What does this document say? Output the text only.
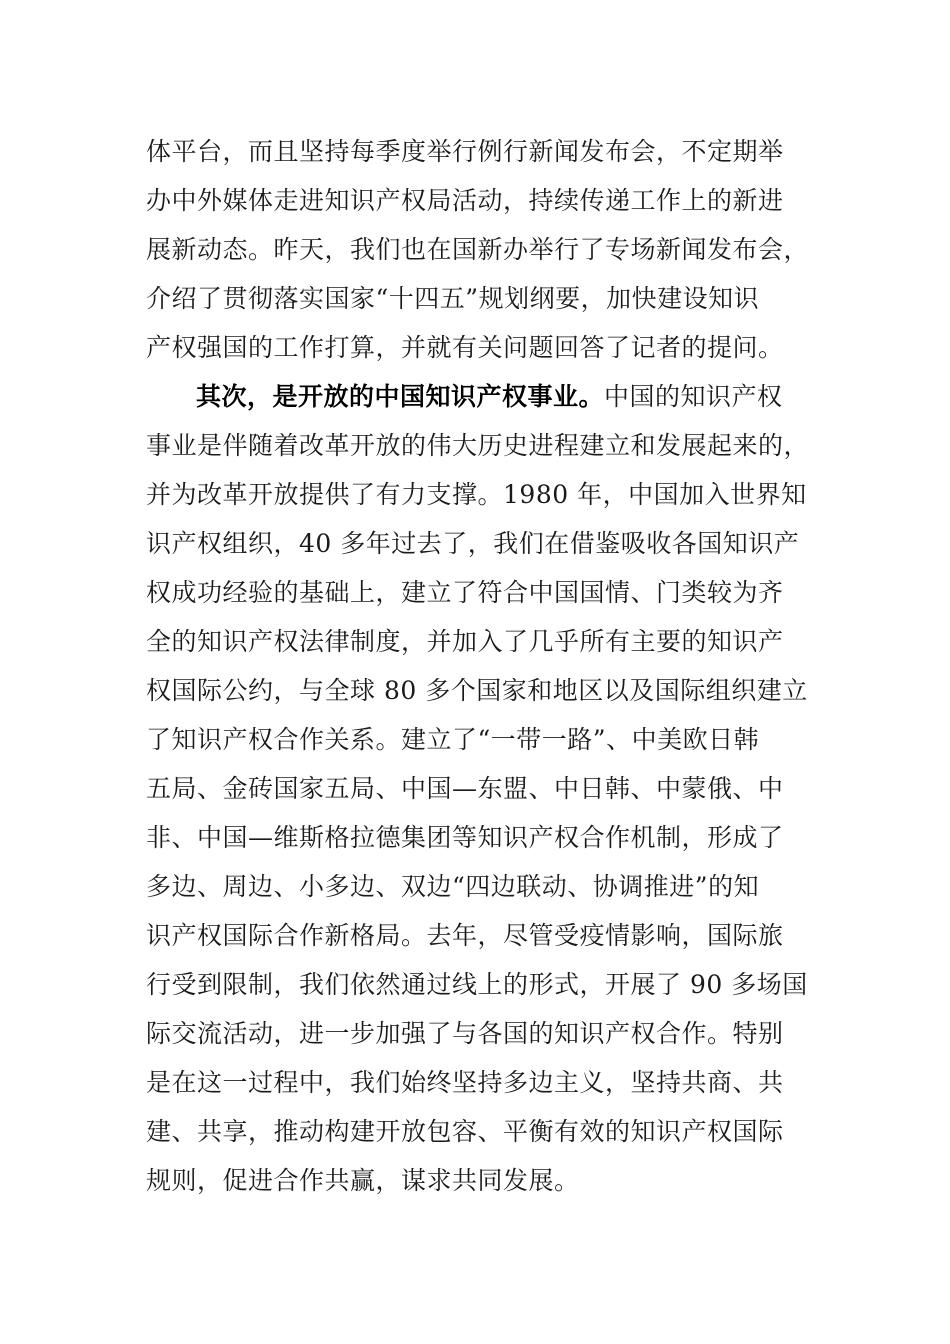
体平台，而且坚持每季度举行例行新闻发布会，不定期举
办中外媒体走进知识产权局活动，持续传递工作上的新进
展新动态。昨天，我们也在国新办举行了专场新闻发布会，
介绍了贯彻落实国家“十四五”规划纲要，加快建设知识
产权强国的工作打算，并就有关问题回答了记者的提问。
其次，是开放的中国知识产权事业。中国的知识产权
事业是伴随着改革开放的伟大历史进程建立和发展起来的，
并为改革开放提供了有力支撑。1980 年，中国加入世界知
识产权组织，40 多年过去了，我们在借鉴吸收各国知识产
权成功经验的基础上，建立了符合中国国情、门类较为齐
全的知识产权法律制度，并加入了几乎所有主要的知识产
权国际公约，与全球 80 多个国家和地区以及国际组织建立
了知识产权合作关系。建立了“一带一路”、中美欧日韩
五局、金砖国家五局、中国—东盟、中日韩、中蒙俄、中
非、中国—维斯格拉德集团等知识产权合作机制，形成了
多边、周边、小多边、双边“四边联动、协调推进”的知
识产权国际合作新格局。去年，尽管受疫情影响，国际旅
行受到限制，我们依然通过线上的形式，开展了 90 多场国
际交流活动，进一步加强了与各国的知识产权合作。特别
是在这一过程中，我们始终坚持多边主义，坚持共商、共
建、共享，推动构建开放包容、平衡有效的知识产权国际
规则，促进合作共赢，谋求共同发展。
